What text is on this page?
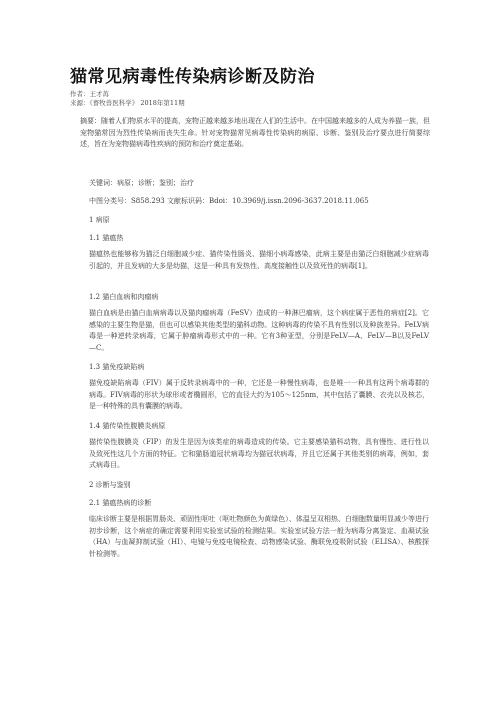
猫常见病毒性传染病诊断及防治
作者：王才苒
来源：《畜牧兽医科学》 2018年第11期

摘要：随着人们物质水平的提高，宠物正越来越多地出现在人们的生活中。在中国越来越多的人成为养猫一族，但宠物猫常因为烈性传染病而丧失生命。针对宠物猫常见病毒性传染病的病原、诊断、鉴别及治疗要点进行简要综述，旨在为宠物猫病毒性疾病的预防和治疗奠定基础。

关键词：病原；诊断；鉴别；治疗

中图分类号：S858.293 文献标识码：Bdoi：10.3969/j.issn.2096-3637.2018.11.065

1 病原

1.1 猫瘟热

猫瘟热也能够称为猫泛白细胞减少症、猫传染性肠炎、猫细小病毒感染，此病主要是由猫泛白细胞减少症病毒引起的，并且发病的大多是幼猫，这是一种具有发热性、高度接触性以及致死性的病毒[1]。

1.2 猫白血病和肉瘤病

猫白血病是由猫白血病病毒以及猫肉瘤病毒（FeSV）造成的一种淋巴瘤病，这个病症属于恶性的病症[2]。它感染的主要生物是猫，但也可以感染其他类型的猫科动物。这种病毒的传染不具有性别以及种族差异。FeLV病毒是一种逆转录病毒，它属于肿瘤病毒形式中的一种。它有3种亚型，分别是FeLV—A、FeLV—B以及FeLV—C。

1.3 猫免疫缺陷病

猫免疫缺陷病毒（FIV）属于反转录病毒中的一种，它还是一种慢性病毒，也是唯一一种具有这两个病毒群的病毒。FIV病毒的形状为球形或者椭圆形，它的直径大约为105～125nm，其中包括了囊膜、衣壳以及核芯，是一种特殊的具有囊膜的病毒。

1.4 猫传染性腹膜炎病原

猫传染性腹膜炎（FIP）的发生是因为该类症的病毒造成的传染。它主要感染猫科动物，具有慢性、进行性以及致死性这几个方面的特征。它和猫肠道冠状病毒均为猫冠状病毒，并且它还属于其他类别的病毒，例如，套式病毒目。

2 诊断与鉴别

2.1 猫瘟热病的诊断

临床诊断主要是根据胃肠炎、顽固性呕吐（呕吐物颜色为黄绿色）、体温呈双相热、白细胞数量明显减少等进行初步诊断，这个病症的确定需要利用实验室试验的检测结果。实验室试验方法一般为病毒分离鉴定、血凝试验（HA）与血凝抑制试验（HI）、电镜与免疫电镜检查、动物感染试验、酶联免疫吸附试验（ELISA）、核酸探针检测等。
